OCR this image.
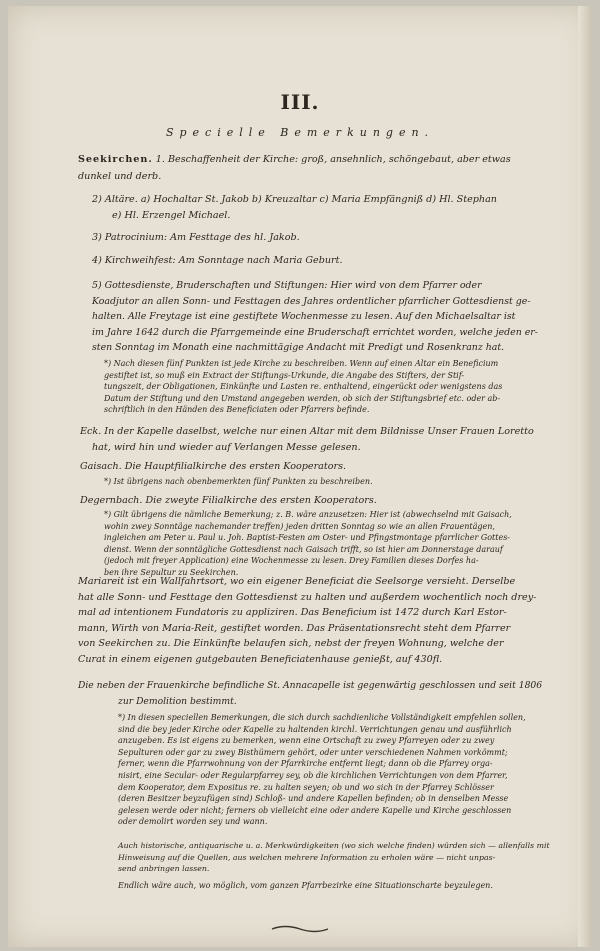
III.
Specielle Bemerkungen.
Seekirchen. 1. Beschaffenheit der Kirche: groß, ansehnlich, schöngebaut, aber etwas
dunkel und derb.
2) Altäre. a) Hochaltar St. Jakob b) Kreuzaltar c) Maria Empfängniß d) Hl. Stephan
e) Hl. Erzengel Michael.
3) Patrocinium: Am Festtage des hl. Jakob.
4) Kirchweihfest: Am Sonntage nach Maria Geburt.
5) Gottesdienste, Bruderschaften und Stiftungen: Hier wird von dem Pfarrer oder
Koadjutor an allen Sonn- und Festtagen des Jahres ordentlicher pfarrlicher Gottesdienst ge-
halten. Alle Freytage ist eine gestiftete Wochenmesse zu lesen. Auf den Michaelsaltar ist
im Jahre 1642 durch die Pfarrgemeinde eine Bruderschaft errichtet worden, welche jeden er-
sten Sonntag im Monath eine nachmittägige Andacht mit Predigt und Rosenkranz hat.
*) Nach diesen fünf Punkten ist jede Kirche zu beschreiben. Wenn auf einen Altar ein Beneficium
gestiftet ist, so muß ein Extract der Stiftungs-Urkunde, die Angabe des Stifters, der Stif-
tungszeit, der Obligationen, Einkünfte und Lasten re. enthaltend, eingerückt oder wenigstens das
Datum der Stiftung und den Umstand angegeben werden, ob sich der Stiftungsbrief etc. oder ab-
schriftlich in den Händen des Beneficiaten oder Pfarrers befinde.
Eck. In der Kapelle daselbst, welche nur einen Altar mit dem Bildnisse Unser Frauen Loretto
hat, wird hin und wieder auf Verlangen Messe gelesen.
Gaisach. Die Hauptfilialkirche des ersten Kooperators.
*) Ist übrigens nach obenbemerkten fünf Punkten zu beschreiben.
Degernbach. Die zweyte Filialkirche des ersten Kooperators.
*) Gilt übrigens die nämliche Bemerkung; z. B. wäre anzusetzen: Hier ist (abwechselnd mit Gaisach,
wohin zwey Sonntäge nachemander treffen) jeden dritten Sonntag so wie an allen Frauentägen,
ingleichen am Peter u. Paul u. Joh. Baptist-Festen am Oster- und Pfingstmontage pfarrlicher Gottes-
dienst. Wenn der sonntägliche Gottesdienst nach Gaisach trifft, so ist hier am Donnerstage darauf
(jedoch mit freyer Application) eine Wochenmesse zu lesen. Drey Familien dieses Dorfes ha-
ben ihre Sepultur zu Seekirchen.
Mariareit ist ein Wallfahrtsort, wo ein eigener Beneficiat die Seelsorge versieht. Derselbe
hat alle Sonn- und Festtage den Gottesdienst zu halten und außerdem wochentlich noch drey-
mal ad intentionem Fundatoris zu appliziren. Das Beneficium ist 1472 durch Karl Estor-
mann, Wirth von Maria-Reit, gestiftet worden. Das Präsentationsrecht steht dem Pfarrer
von Seekirchen zu. Die Einkünfte belaufen sich, nebst der freyen Wohnung, welche der
Curat in einem eigenen gutgebauten Beneficiatenhause genießt, auf 430fl.
Die neben der Frauenkirche befindliche St. Annacapelle ist gegenwärtig geschlossen und seit 1806
zur Demolition bestimmt.
*) In diesen speciellen Bemerkungen, die sich durch sachdienliche Vollständigkeit empfehlen sollen,
sind die bey jeder Kirche oder Kapelle zu haltenden kirchl. Verrichtungen genau und ausführlich
anzugeben. Es ist eigens zu bemerken, wenn eine Ortschaft zu zwey Pfarreyen oder zu zwey
Sepulturen oder gar zu zwey Bisthümern gehört, oder unter verschiedenen Nahmen vorkömmt;
ferner, wenn die Pfarrwohnung von der Pfarrkirche entfernt liegt; dann ob die Pfarrey orga-
nisirt, eine Secular- oder Regularpfarrey sey, ob die kirchlichen Verrichtungen von dem Pfarrer,
dem Kooperator, dem Expositus re. zu halten seyen; ob und wo sich in der Pfarrey Schlösser
(deren Besitzer beyzufügen sind) Schloß- und andere Kapellen befinden; ob in denselben Messe
gelesen werde oder nicht; ferners ob vielleicht eine oder andere Kapelle und Kirche geschlossen
oder demolirt worden sey und wann.
Auch historische, antiquarische u. a. Merkwürdigkeiten (wo sich welche finden) würden sich — allenfalls mit
Hinweisung auf die Quellen, aus welchen mehrere Information zu erholen wäre — nicht unpas-
send anbringen lassen.
Endlich wäre auch, wo möglich, vom ganzen Pfarrbezirke eine Situationscharte beyzulegen.
